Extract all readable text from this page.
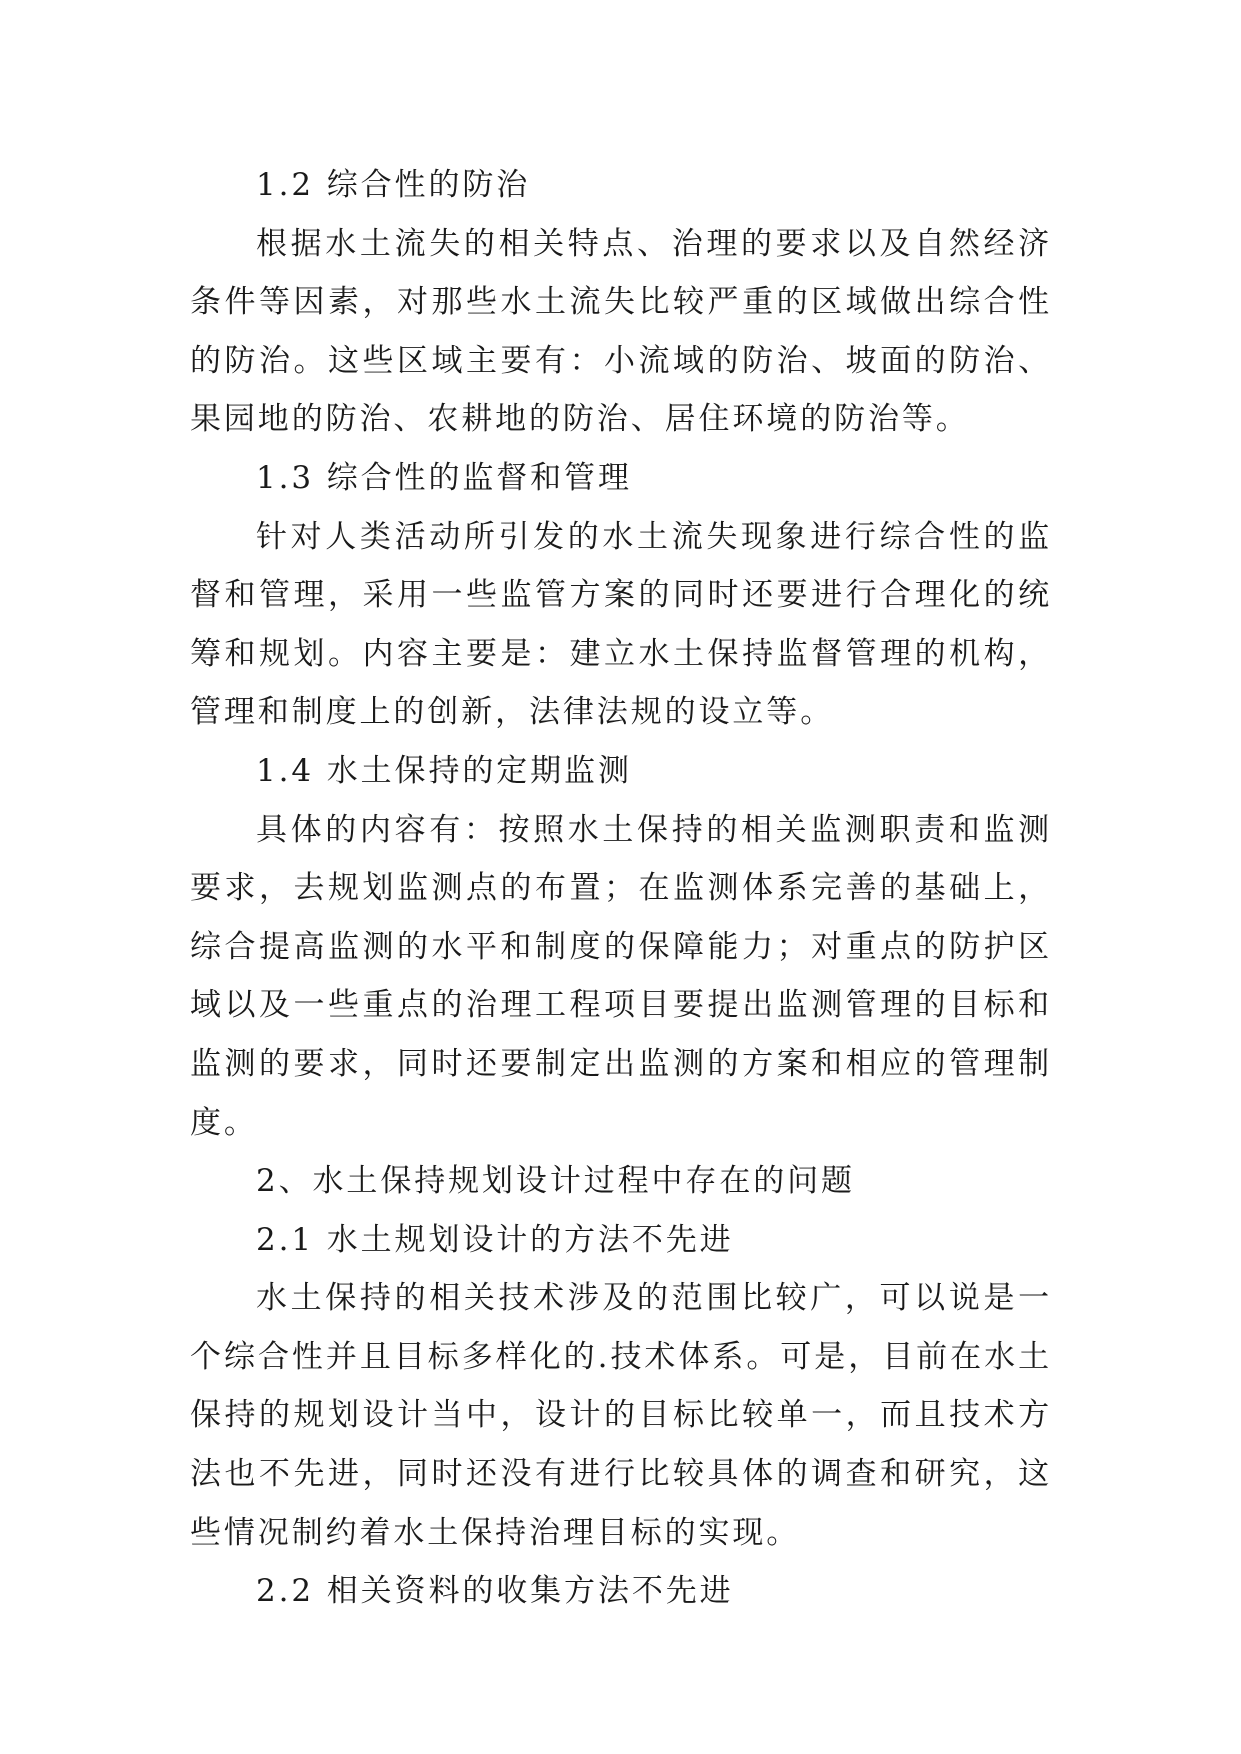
1.2 综合性的防治

根据水土流失的相关特点、治理的要求以及自然经济条件等因素，对那些水土流失比较严重的区域做出综合性的防治。这些区域主要有：小流域的防治、坡面的防治、果园地的防治、农耕地的防治、居住环境的防治等。

1.3 综合性的监督和管理

针对人类活动所引发的水土流失现象进行综合性的监督和管理，采用一些监管方案的同时还要进行合理化的统筹和规划。内容主要是：建立水土保持监督管理的机构，管理和制度上的创新，法律法规的设立等。

1.4 水土保持的定期监测

具体的内容有：按照水土保持的相关监测职责和监测要求，去规划监测点的布置；在监测体系完善的基础上，综合提高监测的水平和制度的保障能力；对重点的防护区域以及一些重点的治理工程项目要提出监测管理的目标和监测的要求，同时还要制定出监测的方案和相应的管理制度。

2、水土保持规划设计过程中存在的问题

2.1 水土规划设计的方法不先进

水土保持的相关技术涉及的范围比较广，可以说是一个综合性并且目标多样化的.技术体系。可是，目前在水土保持的规划设计当中，设计的目标比较单一，而且技术方法也不先进，同时还没有进行比较具体的调查和研究，这些情况制约着水土保持治理目标的实现。

2.2 相关资料的收集方法不先进
